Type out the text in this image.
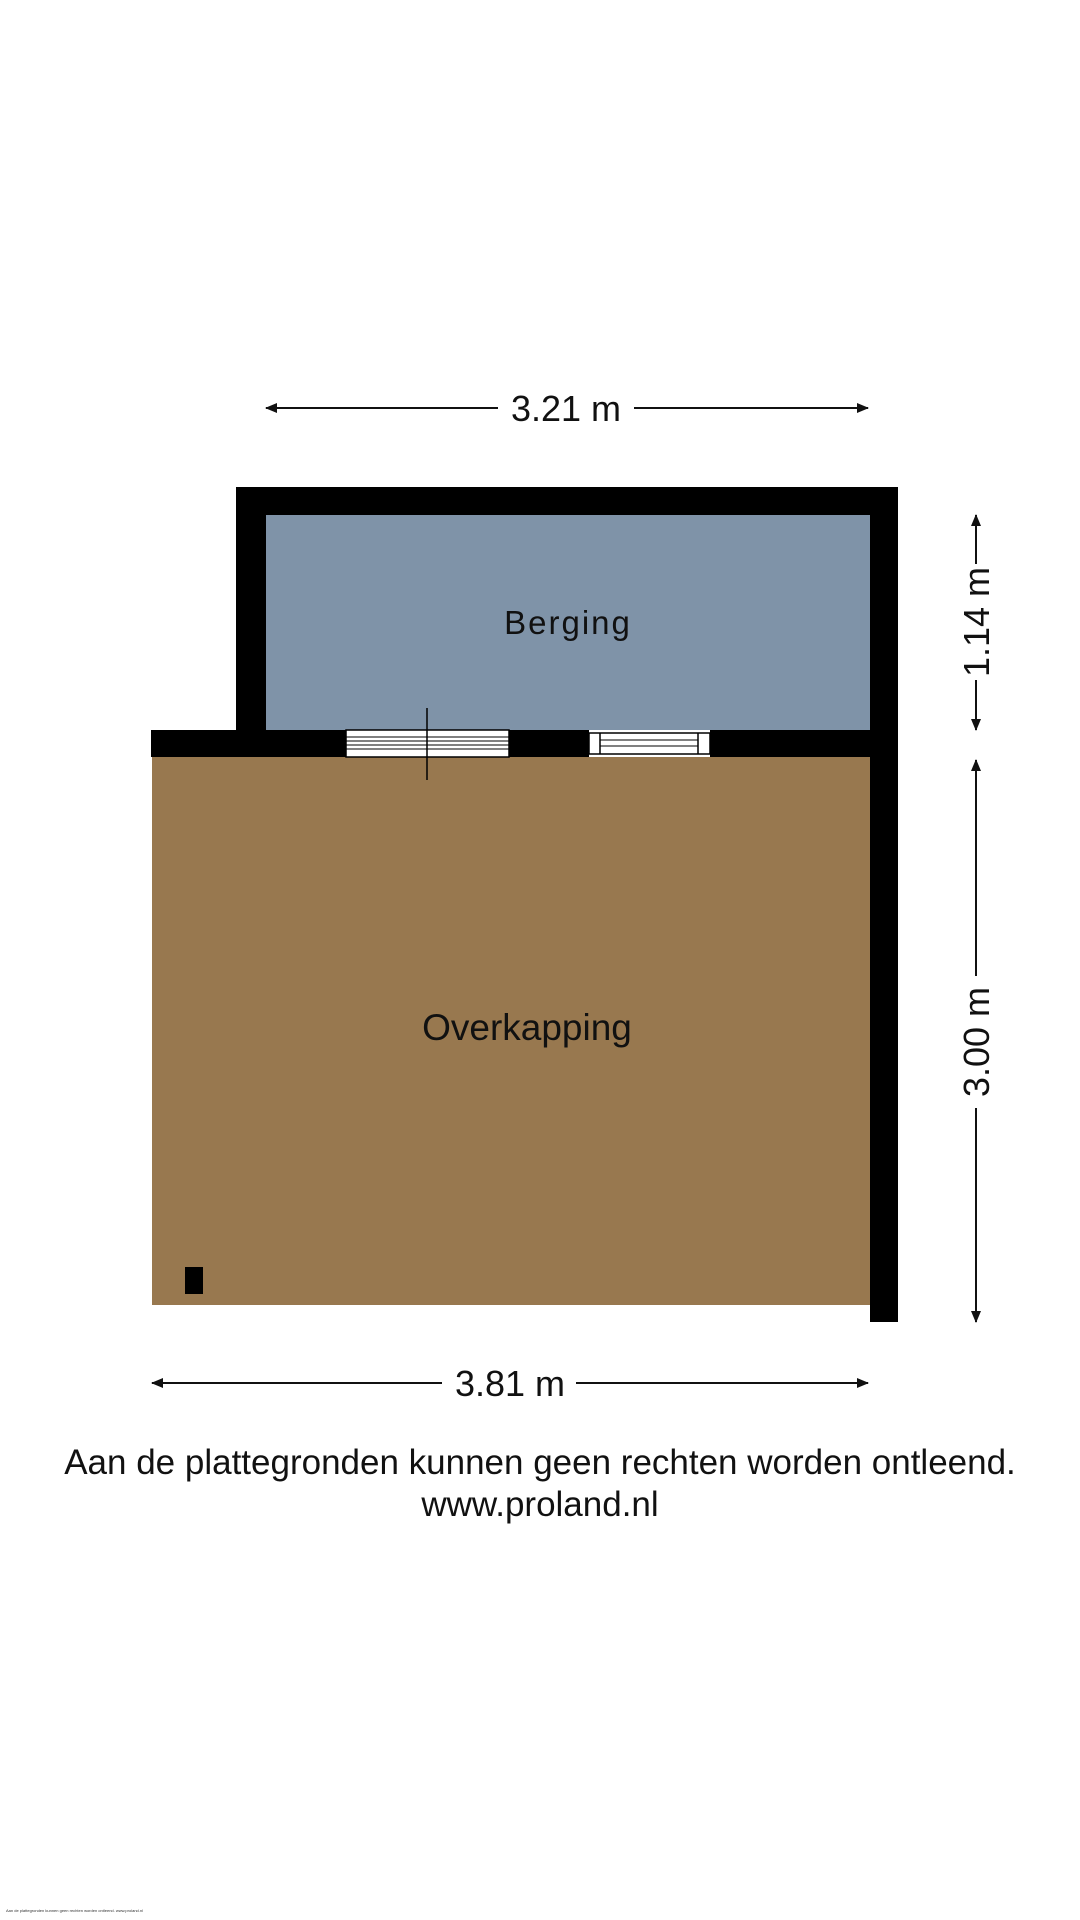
Berging
Overkapping
3.21 m
3.81 m
1.14 m
3.00 m
Aan de plattegronden kunnen geen rechten worden ontleend.
www.proland.nl
Aan de plattegronden kunnen geen rechten worden ontleend. www.proland.nl
